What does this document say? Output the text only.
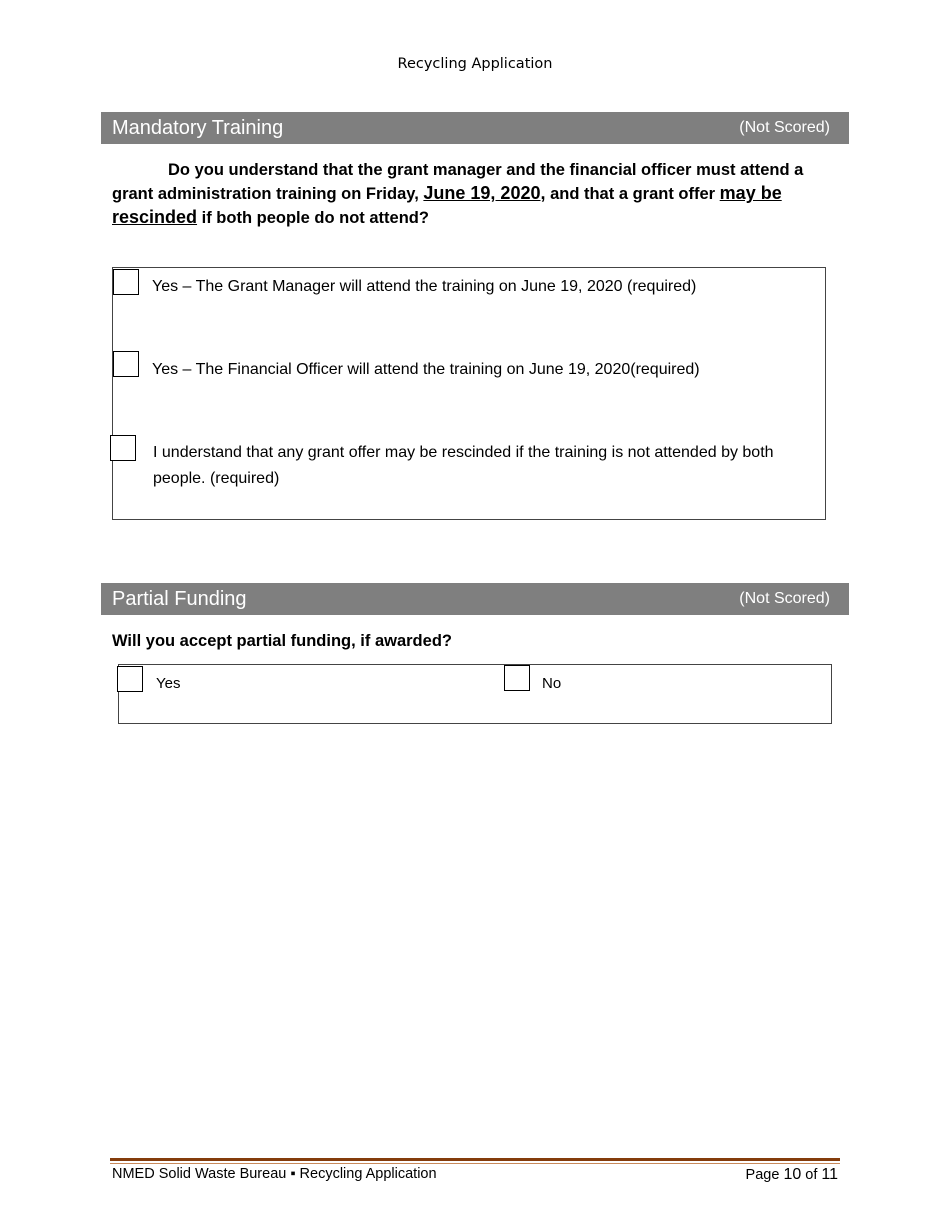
Recycling Application
Mandatory Training	(Not Scored)
Do you understand that the grant manager and the financial officer must attend a grant administration training on Friday, June 19, 2020, and that a grant offer may be rescinded if both people do not attend?
Yes – The Grant Manager will attend the training on June 19, 2020 (required)
Yes – The Financial Officer will attend the training on June 19, 2020(required)
I understand that any grant offer may be rescinded if the training is not attended by both people. (required)
Partial Funding	(Not Scored)
Will you accept partial funding, if awarded?
Yes	No
NMED Solid Waste Bureau ▪ Recycling Application	Page 10 of 11
